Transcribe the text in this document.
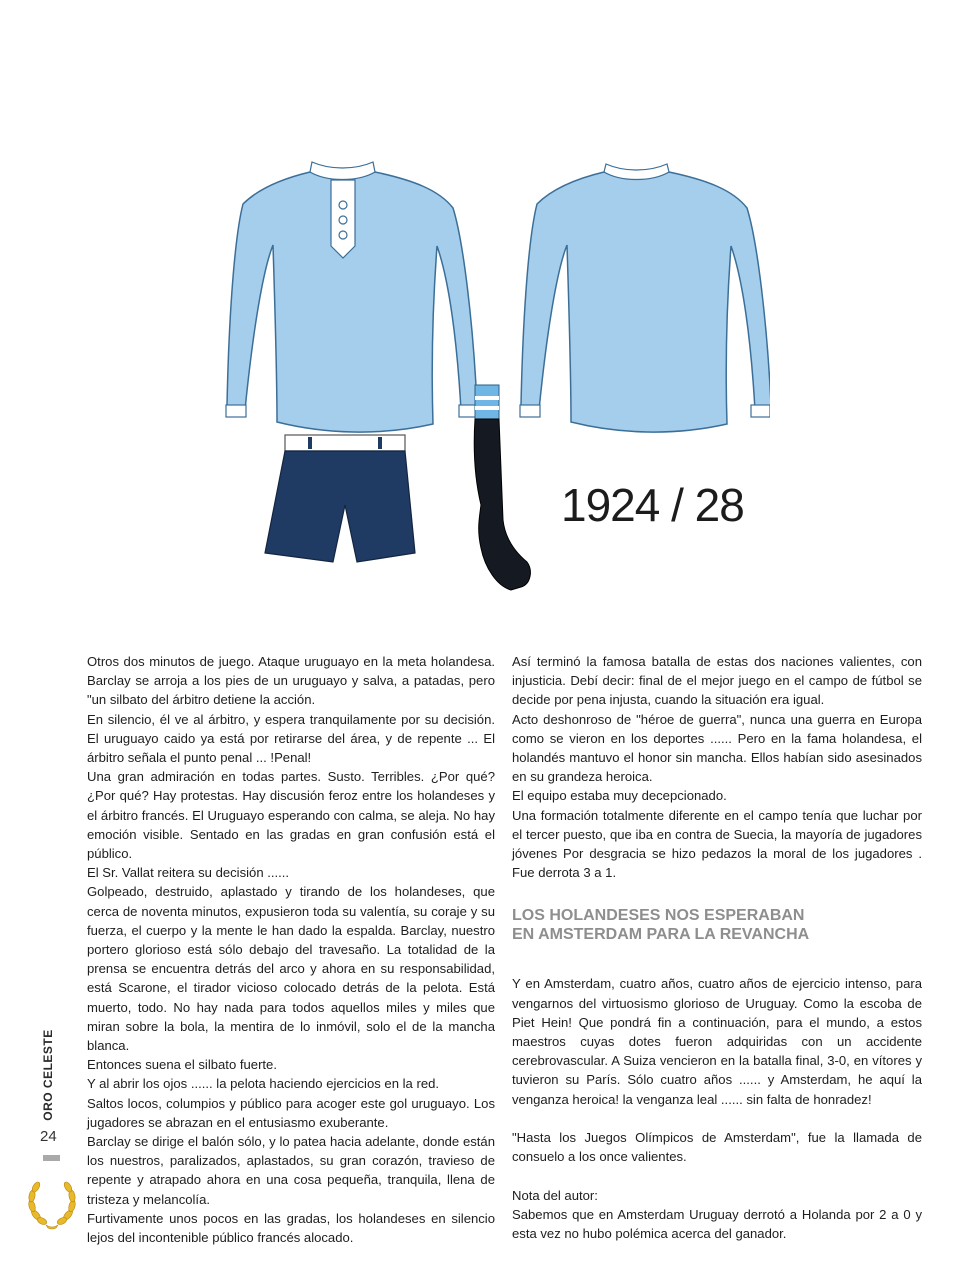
1924 / 28

Otros dos minutos de juego. Ataque uruguayo en la meta holandesa. Barclay se arroja a los pies de un uruguayo y salva, a patadas, pero "un silbato del árbitro detiene la acción.

En silencio, él ve al árbitro, y espera tranquilamente por su decisión. El uruguayo caido ya está por retirarse del área, y de repente ... El árbitro señala el punto penal ... !Penal!

Una gran admiración en todas partes. Susto. Terribles. ¿Por qué? ¿Por qué? Hay protestas. Hay discusión feroz entre los holandeses y el árbitro francés. El Uruguayo esperando con calma, se aleja. No hay emoción visible. Sentado en las gradas en gran confusión está el público.

El Sr. Vallat reitera su decisión ......

Golpeado, destruido, aplastado y tirando de los holandeses, que cerca de noventa minutos, expusieron toda su valentía, su coraje y su fuerza, el cuerpo y la mente le han dado la espalda. Barclay, nuestro portero glorioso está sólo debajo del travesaño. La totalidad de la prensa se encuentra detrás del arco y ahora en su responsabilidad, está Scarone, el tirador vicioso colocado detrás de la pelota. Está muerto, todo. No hay nada para todos aquellos miles y miles que miran sobre la bola, la mentira de lo inmóvil, solo el de la mancha blanca.

Entonces suena el silbato fuerte.

Y al abrir los ojos ...... la pelota haciendo ejercicios en la red.

Saltos locos, columpios y público para acoger este gol uruguayo. Los jugadores se abrazan en el entusiasmo exuberante.

Barclay se dirige el balón sólo, y lo patea hacia adelante, donde están los nuestros, paralizados, aplastados, su gran corazón, travieso de repente y atrapado ahora en una cosa pequeña, tranquila, llena de tristeza y melancolía.

Furtivamente unos pocos en las gradas, los holandeses en silencio lejos del incontenible público francés alocado.

Así terminó la famosa batalla de estas dos naciones valientes, con injusticia. Debí decir: final de el mejor juego en el campo de fútbol se decide por pena injusta, cuando la situación era igual.

Acto deshonroso de "héroe de guerra", nunca una guerra en Europa como se vieron en los deportes ...... Pero en la fama holandesa, el holandés mantuvo el honor sin mancha. Ellos habían sido asesinados en su grandeza heroica.

El equipo estaba muy decepcionado.

Una formación totalmente diferente en el campo tenía que luchar por el tercer puesto, que iba en contra de Suecia, la mayoría de jugadores jóvenes Por desgracia se hizo pedazos la moral de los jugadores . Fue derrota 3 a 1.

LOS HOLANDESES NOS ESPERABAN
EN AMSTERDAM PARA LA REVANCHA

Y en Amsterdam, cuatro años, cuatro años de ejercicio intenso, para vengarnos del virtuosismo glorioso de Uruguay. Como la escoba de Piet Hein! Que pondrá fin a continuación, para el mundo, a estos maestros cuyas dotes fueron adquiridas con un accidente cerebrovascular. A Suiza vencieron en la batalla final, 3-0, en vítores y tuvieron su París. Sólo cuatro años ...... y Amsterdam, he aquí la venganza heroica! la venganza leal ...... sin falta de honradez!

"Hasta los Juegos Olímpicos de Amsterdam", fue la llamada de consuelo a los once valientes.

Nota del autor:

Sabemos que en Amsterdam Uruguay derrotó a Holanda por 2 a 0 y esta vez no hubo polémica acerca del ganador.

ORO CELESTE
24
